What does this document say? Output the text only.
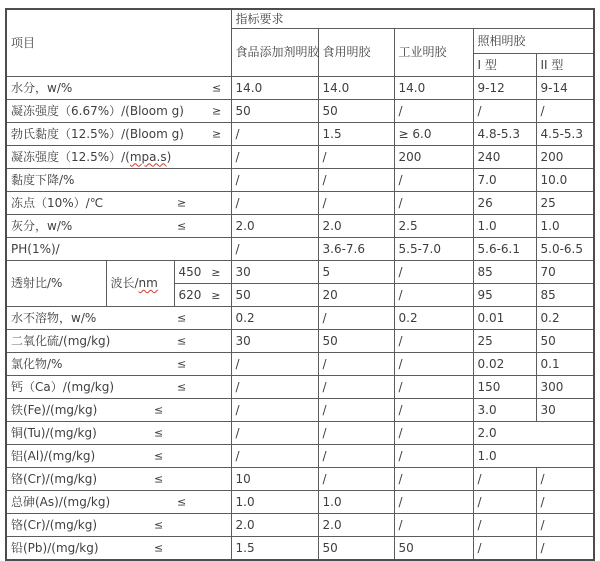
项目			指标要求				
			食品添加剂明胶	食用明胶	工业明胶	照相明胶	
						I 型	II 型
水分，w/% ≤			14.0	14.0	14.0	9-12	9-14
凝冻强度（6.67%）/(Bloom g) ≥			50	50	/	/	/
勃氏黏度（12.5%）/(Bloom g) ≥			/	1.5	≥ 6.0	4.8-5.3	4.5-5.3
凝冻强度（12.5%）/(mpa.s)			/	/	200	240	200
黏度下降/%			/	/	/	7.0	10.0
冻点（10%）/℃ ≥			/	/	/	26	25
灰分，w/% ≤			2.0	2.0	2.5	1.0	1.0
PH(1%)/			/	3.6-7.6	5.5-7.0	5.6-6.1	5.0-6.5
透射比/%	波长/nm	450 ≥	30	5	/	85	70

		620 ≥	50	20	/	95	85
水不溶物，w/% ≤			0.2	/	0.2	0.01	0.2
二氧化硫/(mg/kg) ≤			30	50	/	25	50
氯化物/% ≤			/	/	/	0.02	0.1
钙（Ca）/(mg/kg) ≤			/	/	/	150	300
铁(Fe)/(mg/kg) ≤			/	/	/	3.0	30
铜(Tu)/(mg/kg) ≤			/	/	/	2.0	
铝(Al)/(mg/kg) ≤			/	/	/	1.0	
铬(Cr)/(mg/kg) ≤			10	/	/	/	/
总砷(As)/(mg/kg) ≤			1.0	1.0	/	/	/
铬(Cr)/(mg/kg) ≤			2.0	2.0	/	/	/
铅(Pb)/(mg/kg) ≤			1.5	50	50	/	/
